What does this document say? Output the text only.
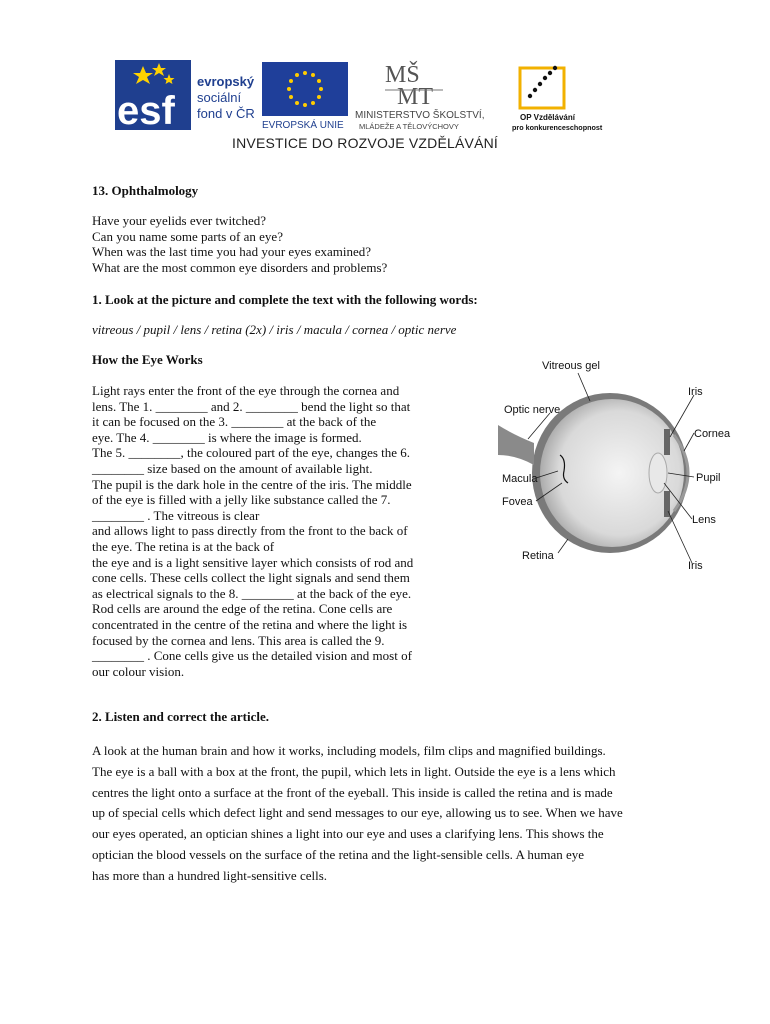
esf
evropský
sociální
fond v ČR
EVROPSKÁ UNIE
MŠ
MT
MINISTERSTVO ŠKOLSTVÍ,
MLÁDEŽE A TĚLOVÝCHOVY
OP Vzdělávání
pro konkurenceschopnost
INVESTICE DO ROZVOJE VZDĚLÁVÁNÍ
13. Ophthalmology
Have your eyelids ever twitched?
Can you name some parts of an eye?
When was the last time you had your eyes examined?
What are the most common eye disorders and problems?
1. Look at the picture and complete the text with the following words:
vitreous / pupil / lens / retina (2x) / iris / macula / cornea / optic nerve
How the Eye Works
Light rays enter the front of the eye through the cornea and
lens. The 1. ________ and 2. ________ bend the light so that
it can be focused on the 3. ________ at the back of the
eye. The 4. ________ is where the image is formed.
The 5. ________, the coloured part of the eye, changes the 6.
________ size based on the amount of available light.
The pupil is the dark hole in the centre of the iris. The middle
of the eye is filled with a jelly like substance called the 7.
________ . The vitreous is clear
and allows light to pass directly from the front to the back of
the eye. The retina is at the back of
the eye and is a light sensitive layer which consists of rod and
cone cells. These cells collect the light signals and send them
as electrical signals to the 8. ________ at the back of the eye.
Rod cells are around the edge of the retina. Cone cells are
concentrated in the centre of the retina and where the light is
focused by the cornea and lens. This area is called the 9.
________ . Cone cells give us the detailed vision and most of
our colour vision.
Vitreous gel
Iris
Optic nerve
Cornea
Pupil
Macula
Fovea
Lens
Retina
Iris
2. Listen and correct the article.
A look at the human brain and how it works, including models, film clips and magnified buildings.
The eye is a ball with a box at the front, the pupil, which lets in light. Outside the eye is a lens which
centres the light onto a surface at the front of the eyeball. This inside is called the retina and is made
up of special cells which defect light and send messages to our eye, allowing us to see. When we have
our eyes operated, an optician shines a light into our eye and uses a clarifying lens. This shows the
optician the blood vessels on the surface of the retina and the light-sensible cells. A human eye
has more than a hundred light-sensitive cells.
